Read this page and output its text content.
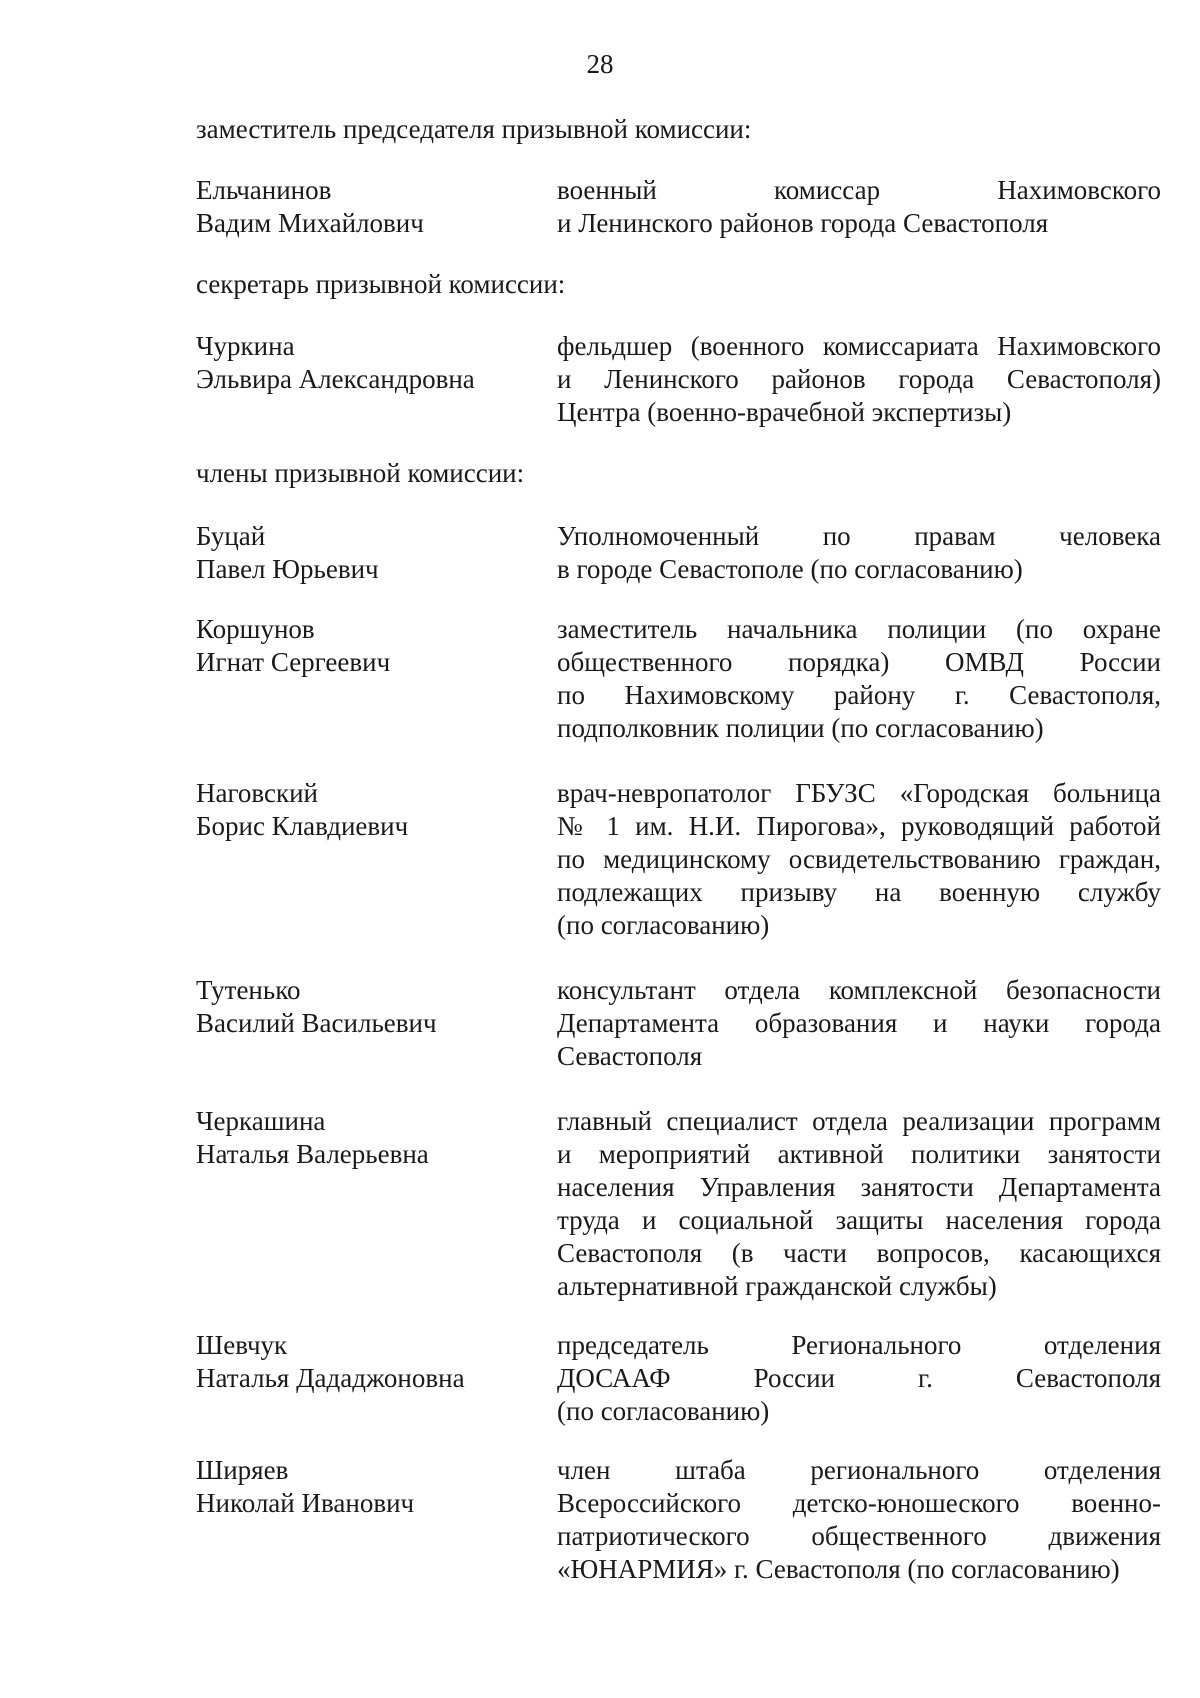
28
заместитель председателя призывной комиссии:
Ельчанинов
Вадим Михайлович
военный комиссар Нахимовского
и Ленинского районов города Севастополя
секретарь призывной комиссии:
Чуркина
Эльвира Александровна
фельдшер (военного комиссариата Нахимовского
и Ленинского районов города Севастополя)
Центра (военно-врачебной экспертизы)
члены призывной комиссии:
Буцай
Павел Юрьевич
Уполномоченный по правам человека
в городе Севастополе (по согласованию)
Коршунов
Игнат Сергеевич
заместитель начальника полиции (по охране
общественного порядка) ОМВД России
по Нахимовскому району г. Севастополя,
подполковник полиции (по согласованию)
Наговский
Борис Клавдиевич
врач-невропатолог ГБУЗС «Городская больница
№ 1 им. Н.И. Пирогова», руководящий работой
по медицинскому освидетельствованию граждан,
подлежащих призыву на военную службу
(по согласованию)
Тутенько
Василий Васильевич
консультант отдела комплексной безопасности
Департамента образования и науки города
Севастополя
Черкашина
Наталья Валерьевна
главный специалист отдела реализации программ
и мероприятий активной политики занятости
населения Управления занятости Департамента
труда и социальной защиты населения города
Севастополя (в части вопросов, касающихся
альтернативной гражданской службы)
Шевчук
Наталья Дададжоновна
председатель Регионального отделения
ДОСААФ России г. Севастополя
(по согласованию)
Ширяев
Николай Иванович
член штаба регионального отделения
Всероссийского детско-юношеского военно-
патриотического общественного движения
«ЮНАРМИЯ» г. Севастополя (по согласованию)
